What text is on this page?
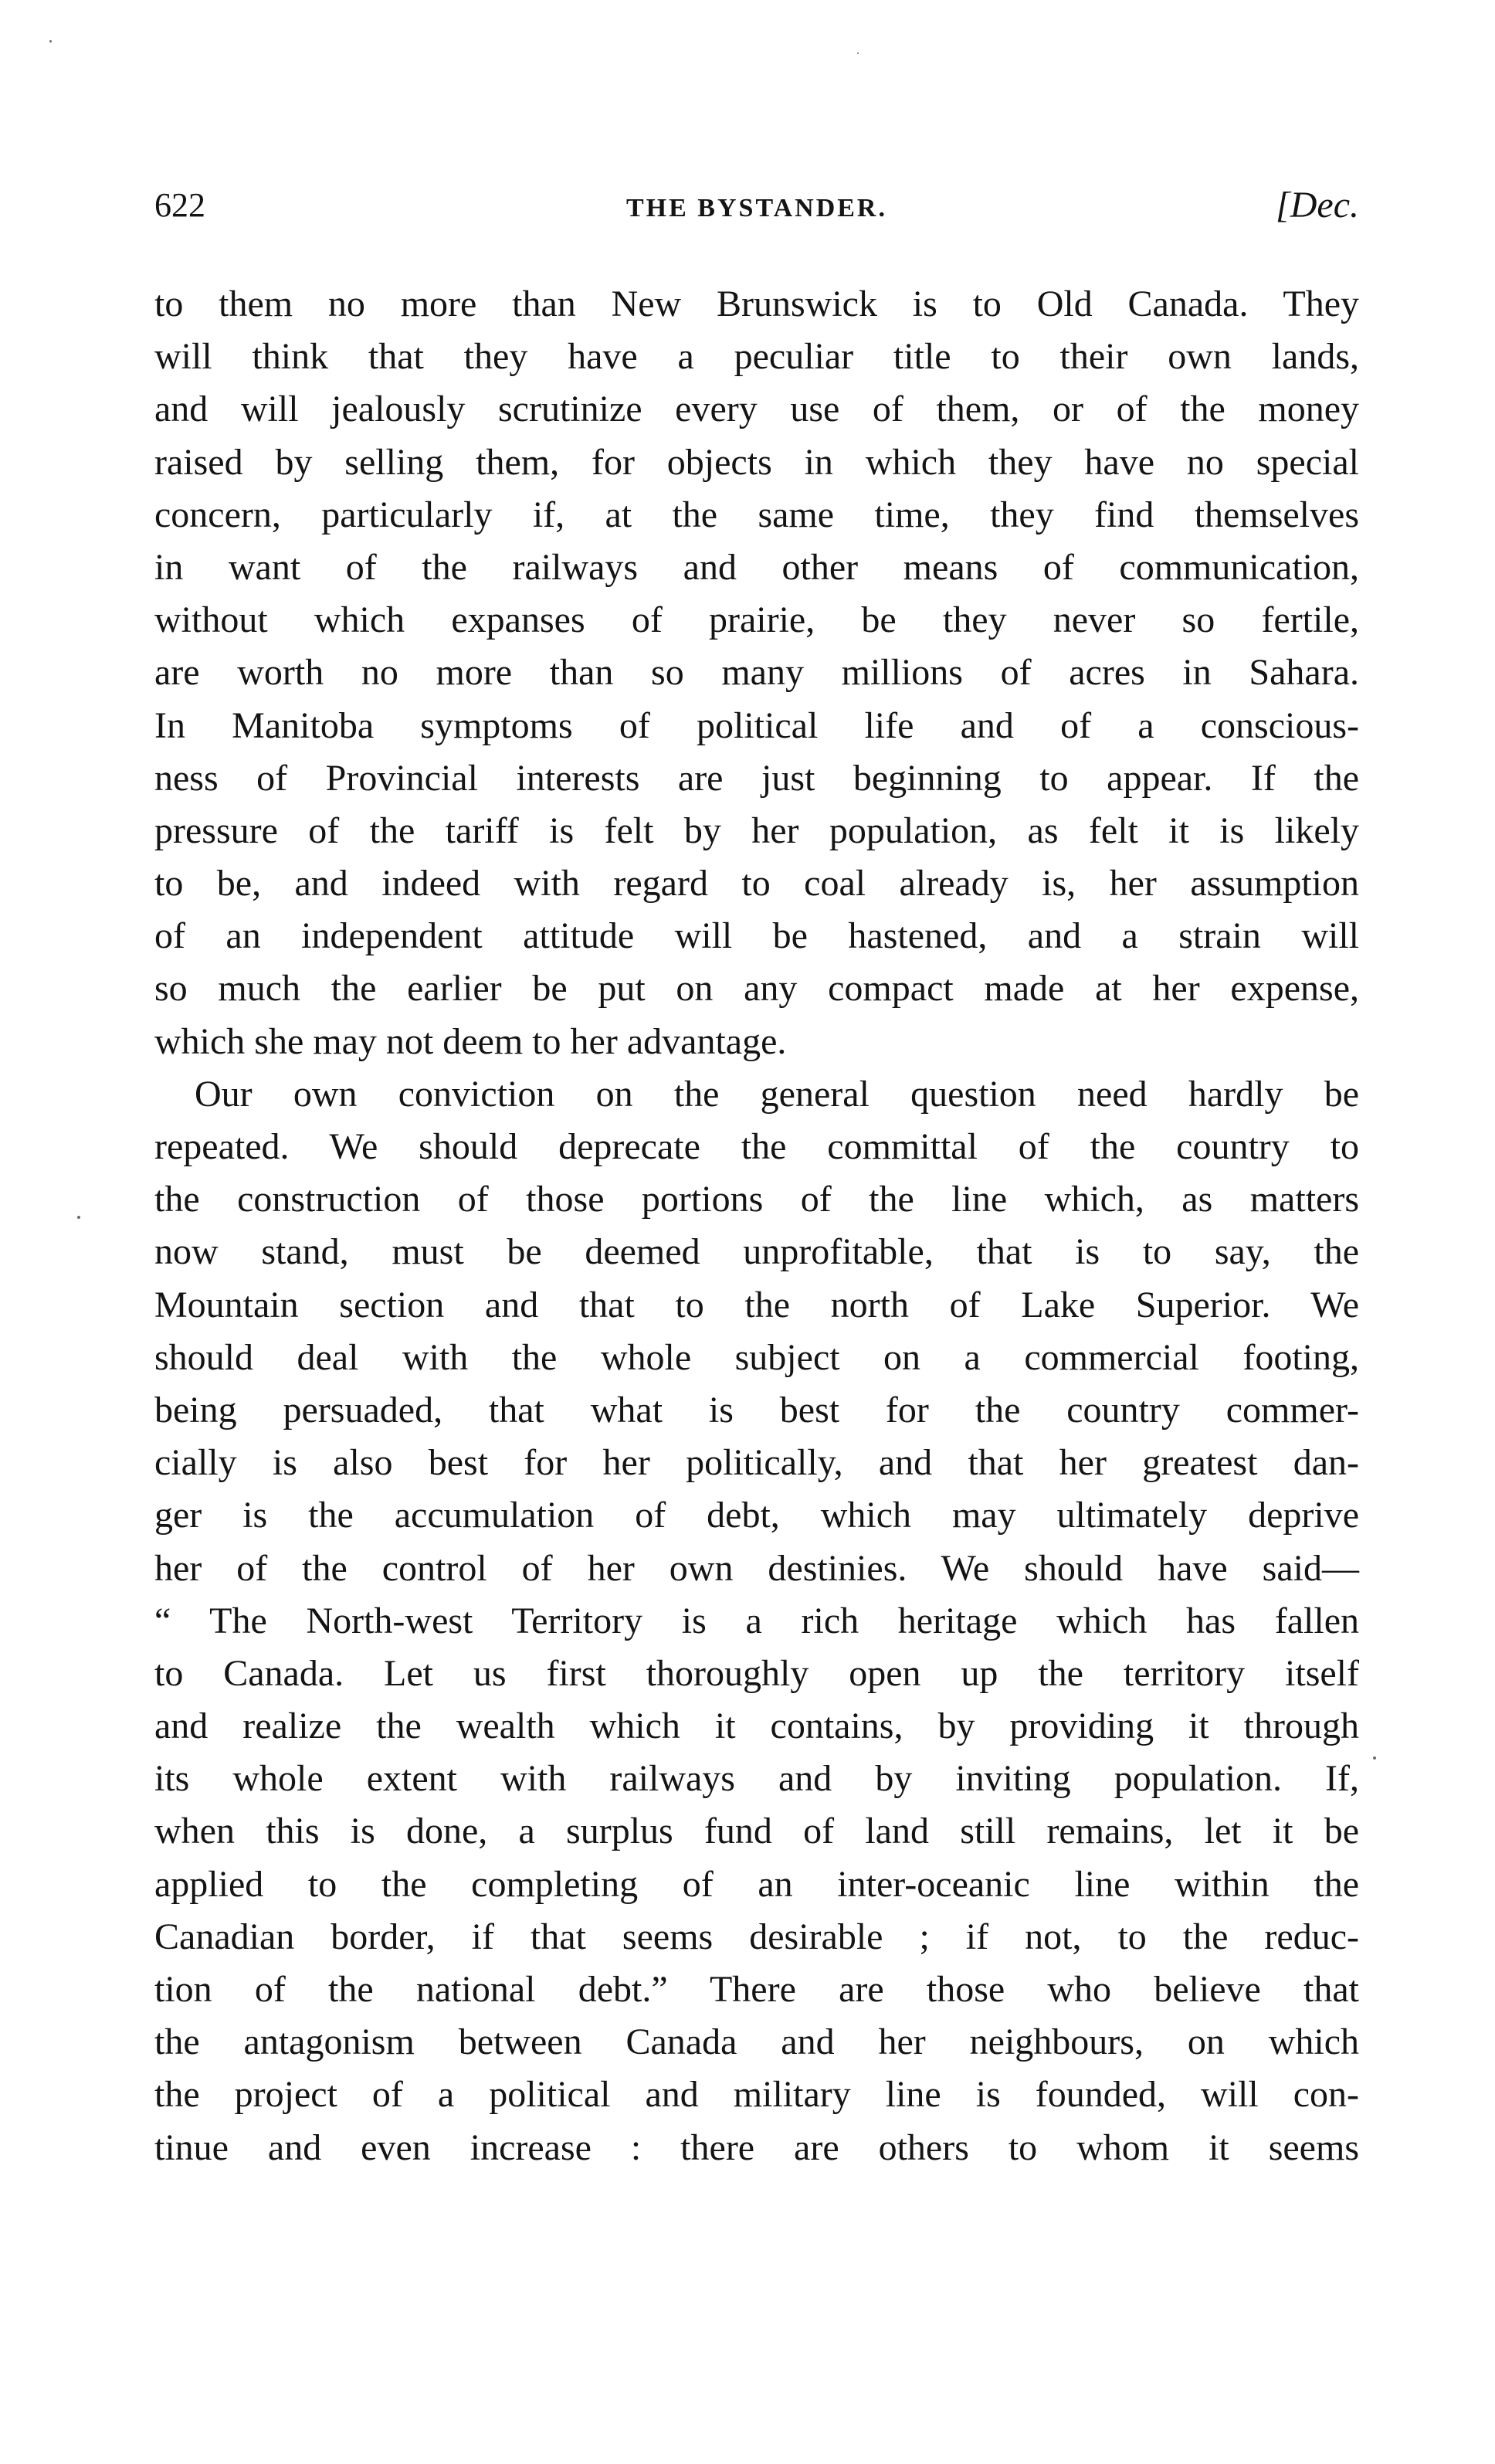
622	THE BYSTANDER.	[Dec.
to them no more than New Brunswick is to Old Canada. They
will think that they have a peculiar title to their own lands,
and will jealously scrutinize every use of them, or of the money
raised by selling them, for objects in which they have no special
concern, particularly if, at the same time, they find themselves
in want of the railways and other means of communication,
without which expanses of prairie, be they never so fertile,
are worth no more than so many millions of acres in Sahara.
In Manitoba symptoms of political life and of a conscious-
ness of Provincial interests are just beginning to appear. If the
pressure of the tariff is felt by her population, as felt it is likely
to be, and indeed with regard to coal already is, her assumption
of an independent attitude will be hastened, and a strain will
so much the earlier be put on any compact made at her expense,
which she may not deem to her advantage.
Our own conviction on the general question need hardly be
repeated. We should deprecate the committal of the country to
the construction of those portions of the line which, as matters
now stand, must be deemed unprofitable, that is to say, the
Mountain section and that to the north of Lake Superior. We
should deal with the whole subject on a commercial footing,
being persuaded, that what is best for the country commer-
cially is also best for her politically, and that her greatest dan-
ger is the accumulation of debt, which may ultimately deprive
her of the control of her own destinies. We should have said—
“ The North-west Territory is a rich heritage which has fallen
to Canada. Let us first thoroughly open up the territory itself
and realize the wealth which it contains, by providing it through
its whole extent with railways and by inviting population. If,
when this is done, a surplus fund of land still remains, let it be
applied to the completing of an inter-oceanic line within the
Canadian border, if that seems desirable ; if not, to the reduc-
tion of the national debt.” There are those who believe that
the antagonism between Canada and her neighbours, on which
the project of a political and military line is founded, will con-
tinue and even increase : there are others to whom it seems
